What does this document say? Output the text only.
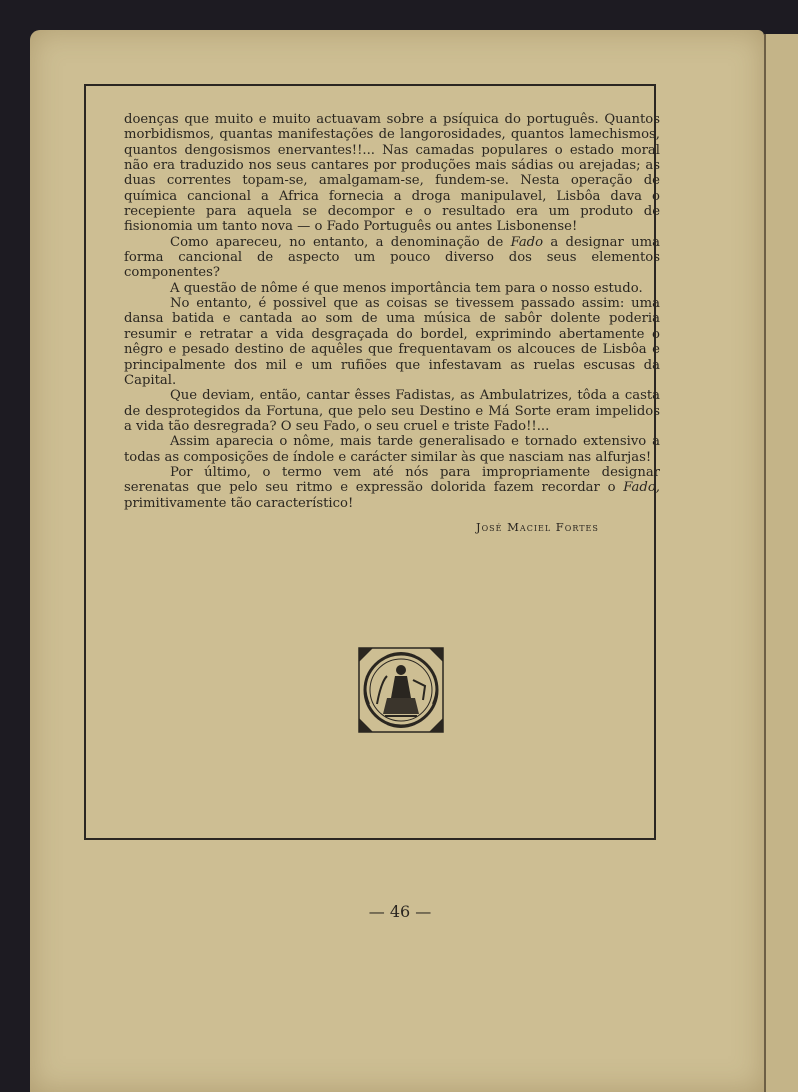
doenças que muito e muito actuavam sobre a psíquica do português. Quantos morbidismos, quantas manifestações de langorosidades, quantos lamechismos, quantos dengosismos enervantes!!... Nas camadas populares o estado moral não era traduzido nos seus cantares por produções mais sádias ou arejadas; as duas correntes topam-se, amalgamam-se, fundem-se. Nesta operação de química cancional a Africa fornecia a droga manipulavel, Lisbôa dava o recepiente para aquela se decompor e o resultado era um produto de fisionomia um tanto nova — o Fado Português ou antes Lisbonense!

Como apareceu, no entanto, a denominação de Fado a designar uma forma cancional de aspecto um pouco diverso dos seus elementos componentes?

A questão de nôme é que menos importância tem para o nosso estudo.

No entanto, é possivel que as coisas se tivessem passado assim: uma dansa batida e cantada ao som de uma música de sabôr dolente poderia resumir e retratar a vida desgraçada do bordel, exprimindo abertamente o nêgro e pesado destino de aquêles que frequentavam os alcouces de Lisbôa e principalmente dos mil e um rufiões que infestavam as ruelas escusas da Capital.

Que deviam, então, cantar êsses Fadistas, as Ambulatrizes, tôda a casta de desprotegidos da Fortuna, que pelo seu Destino e Má Sorte eram impelidos a vida tão desregrada? O seu Fado, o seu cruel e triste Fado!!...

Assim aparecia o nôme, mais tarde generalisado e tornado extensivo a todas as composições de índole e carácter similar às que nasciam nas alfurjas!

Por último, o termo vem até nós para impropriamente designar serenatas que pelo seu ritmo e expressão dolorida fazem recordar o Fado, primitivamente tão característico!

José Maciel Fortes
— 46 —
